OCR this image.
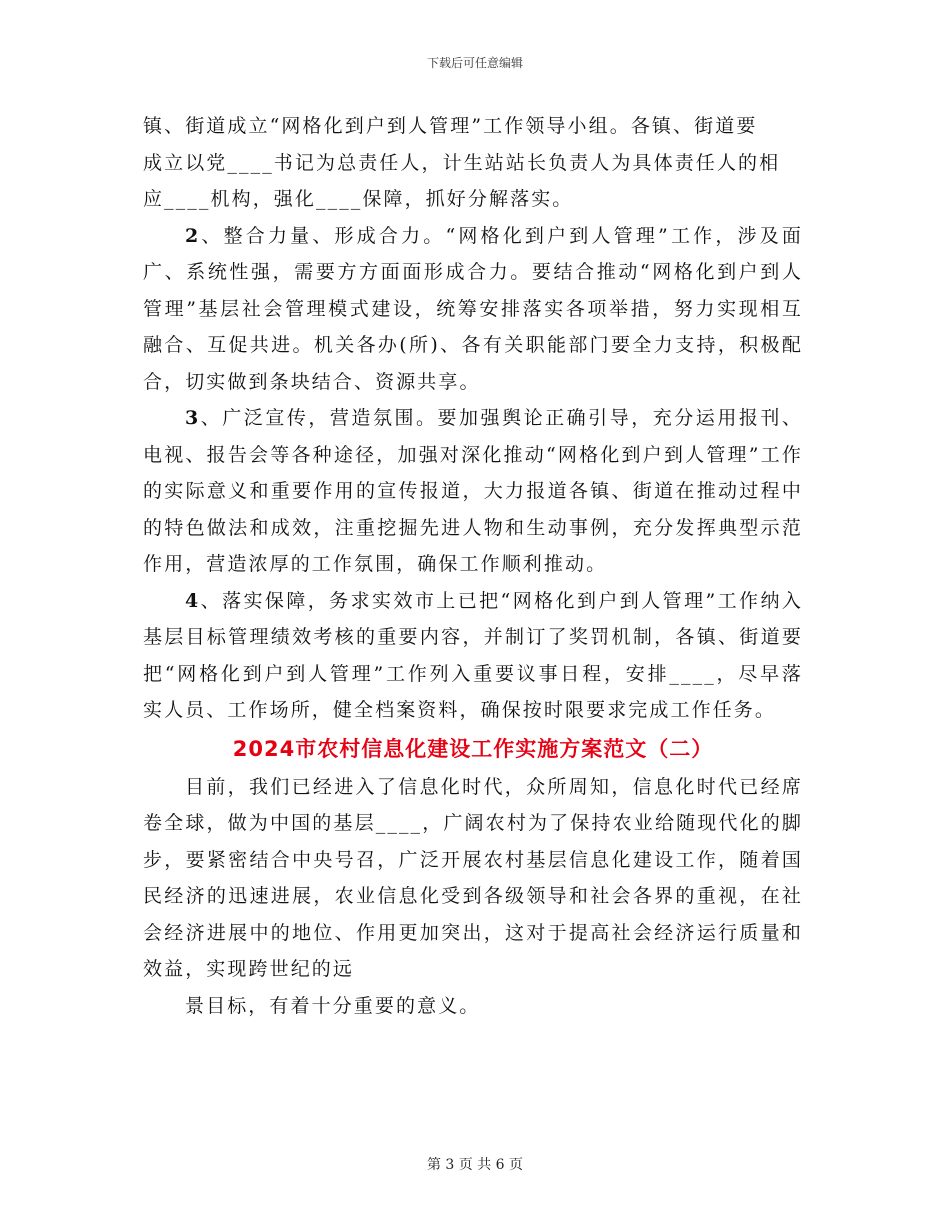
下载后可任意编辑
镇、街道成立“网格化到户到人管理”工作领导小组。各镇、街道要
成立以党____书记为总责任人，计生站站长负责人为具体责任人的相
应____机构，强化____保障，抓好分解落实。

2、整合力量、形成合力。“网格化到户到人管理”工作，涉及面广、系统性强，需要方方面面形成合力。要结合推动“网格化到户到人管理”基层社会管理模式建设，统筹安排落实各项举措，努力实现相互融合、互促共进。机关各办(所)、各有关职能部门要全力支持，积极配合，切实做到条块结合、资源共享。

3、广泛宣传，营造氛围。要加强舆论正确引导，充分运用报刊、电视、报告会等各种途径，加强对深化推动“网格化到户到人管理”工作的实际意义和重要作用的宣传报道，大力报道各镇、街道在推动过程中的特色做法和成效，注重挖掘先进人物和生动事例，充分发挥典型示范作用，营造浓厚的工作氛围，确保工作顺利推动。

4、落实保障，务求实效市上已把“网格化到户到人管理”工作纳入基层目标管理绩效考核的重要内容，并制订了奖罚机制，各镇、街道要把“网格化到户到人管理”工作列入重要议事日程，安排____，尽早落实人员、工作场所，健全档案资料，确保按时限要求完成工作任务。

2024市农村信息化建设工作实施方案范文（二）

目前，我们已经进入了信息化时代，众所周知，信息化时代已经席卷全球，做为中国的基层____，广阔农村为了保持农业给随现代化的脚步，要紧密结合中央号召，广泛开展农村基层信息化建设工作，随着国民经济的迅速进展，农业信息化受到各级领导和社会各界的重视，在社会经济进展中的地位、作用更加突出，这对于提高社会经济运行质量和效益，实现跨世纪的远

景目标，有着十分重要的意义。
第 3 页 共 6 页
